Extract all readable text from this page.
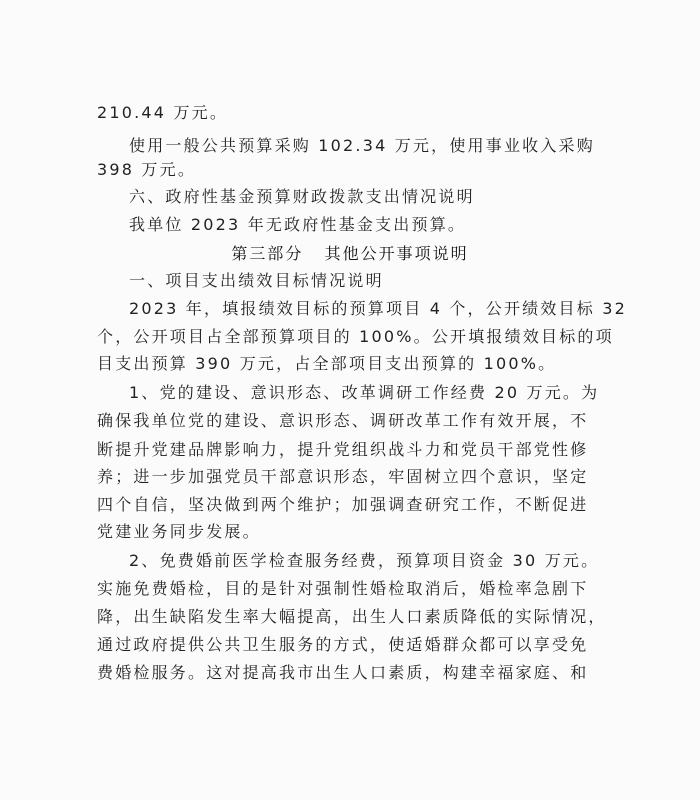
210.44 万元。
使用一般公共预算采购 102.34 万元，使用事业收入采购
398 万元。
六、政府性基金预算财政拨款支出情况说明
我单位 2023 年无政府性基金支出预算。
第三部分   其他公开事项说明
一、项目支出绩效目标情况说明
2023 年，填报绩效目标的预算项目 4 个，公开绩效目标 32
个，公开项目占全部预算项目的 100%。公开填报绩效目标的项
目支出预算 390 万元，占全部项目支出预算的 100%。
1、党的建设、意识形态、改革调研工作经费 20 万元。为
确保我单位党的建设、意识形态、调研改革工作有效开展，不
断提升党建品牌影响力，提升党组织战斗力和党员干部党性修
养；进一步加强党员干部意识形态，牢固树立四个意识，坚定
四个自信，坚决做到两个维护；加强调查研究工作，不断促进
党建业务同步发展。
2、免费婚前医学检查服务经费，预算项目资金 30 万元。
实施免费婚检，目的是针对强制性婚检取消后，婚检率急剧下
降，出生缺陷发生率大幅提高，出生人口素质降低的实际情况，
通过政府提供公共卫生服务的方式，使适婚群众都可以享受免
费婚检服务。这对提高我市出生人口素质，构建幸福家庭、和
